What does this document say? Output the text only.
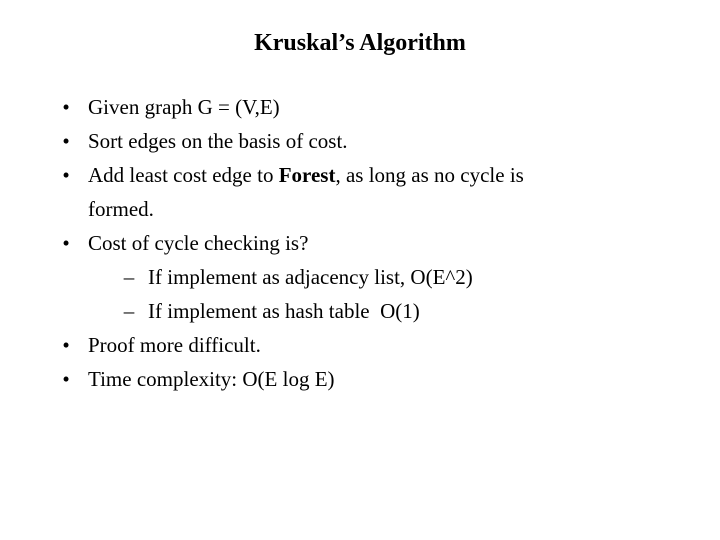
Kruskal’s Algorithm
• Given graph G = (V,E)
• Sort edges on the basis of cost.
• Add least cost edge to Forest, as long as no cycle is
formed.
• Cost of cycle checking is?
– If implement as adjacency list, O(E^2)
– If implement as hash table  O(1)
• Proof more difficult.
• Time complexity: O(E log E)
